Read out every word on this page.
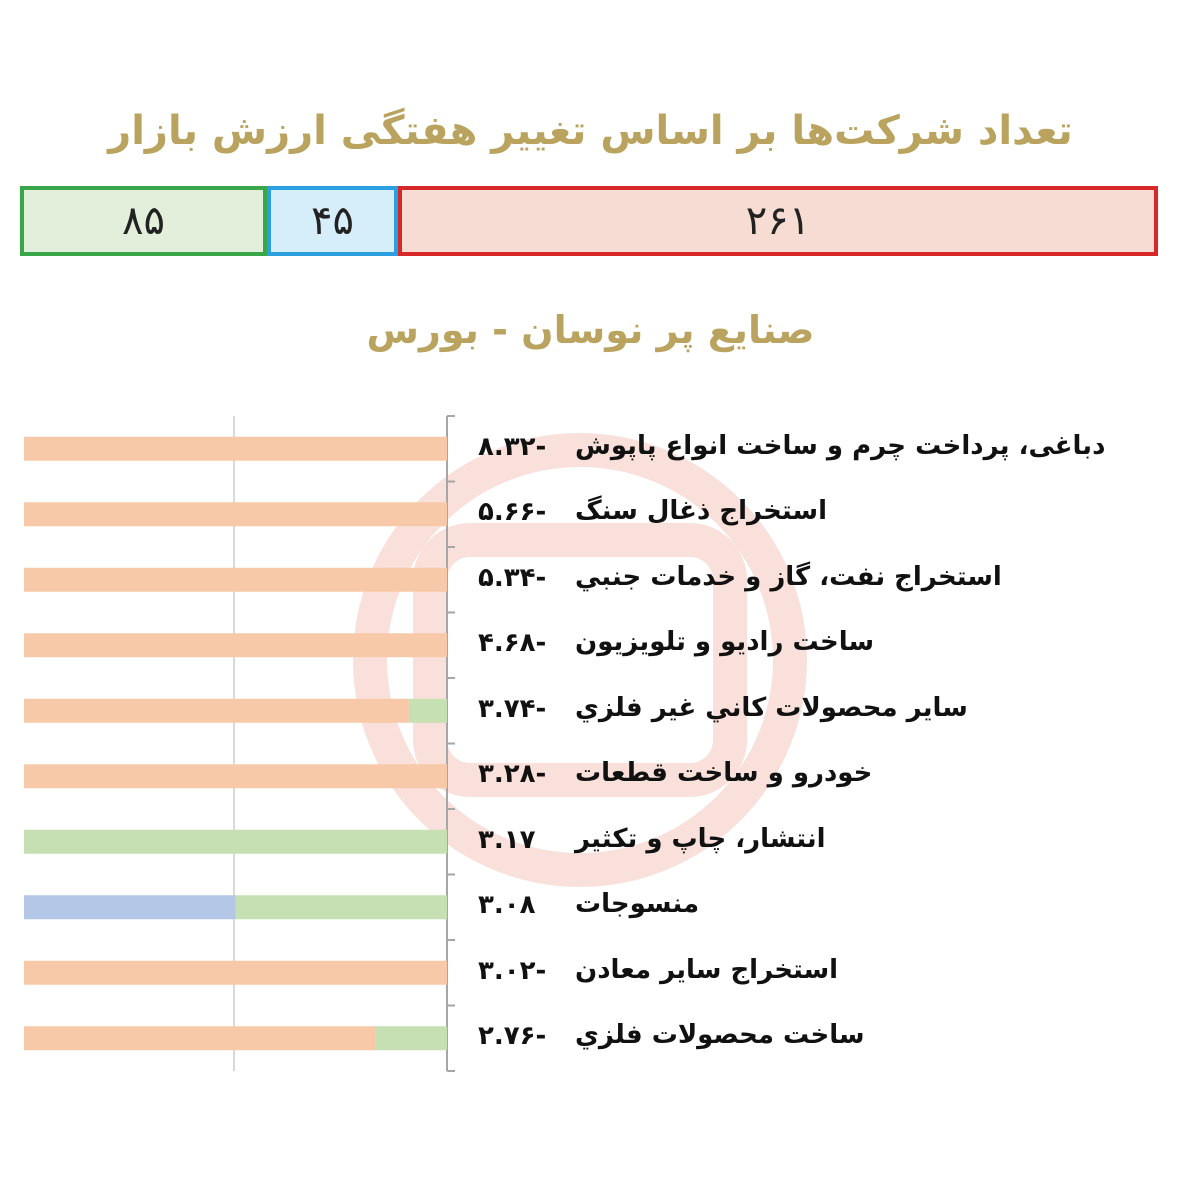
تعداد شرکت‌ها بر اساس تغییر هفتگی ارزش بازار
۸۵	۴۵	۲۶۱
صنایع پر نوسان - بورس
۸.۳۲- دباغی، پرداخت چرم و ساخت انواع پاپوش
۵.۶۶- استخراج ذغال سنگ
۵.۳۴- استخراج نفت، گاز و خدمات جنبي
۴.۶۸- ساخت راديو و تلويزيون
۳.۷۴- ساير محصولات کاني غير فلزي
۳.۲۸- خودرو و ساخت قطعات
۳.۱۷ انتشار، چاپ و تکثير
۳.۰۸ منسوجات
۳.۰۲- استخراج ساير معادن
۲.۷۶- ساخت محصولات فلزي
